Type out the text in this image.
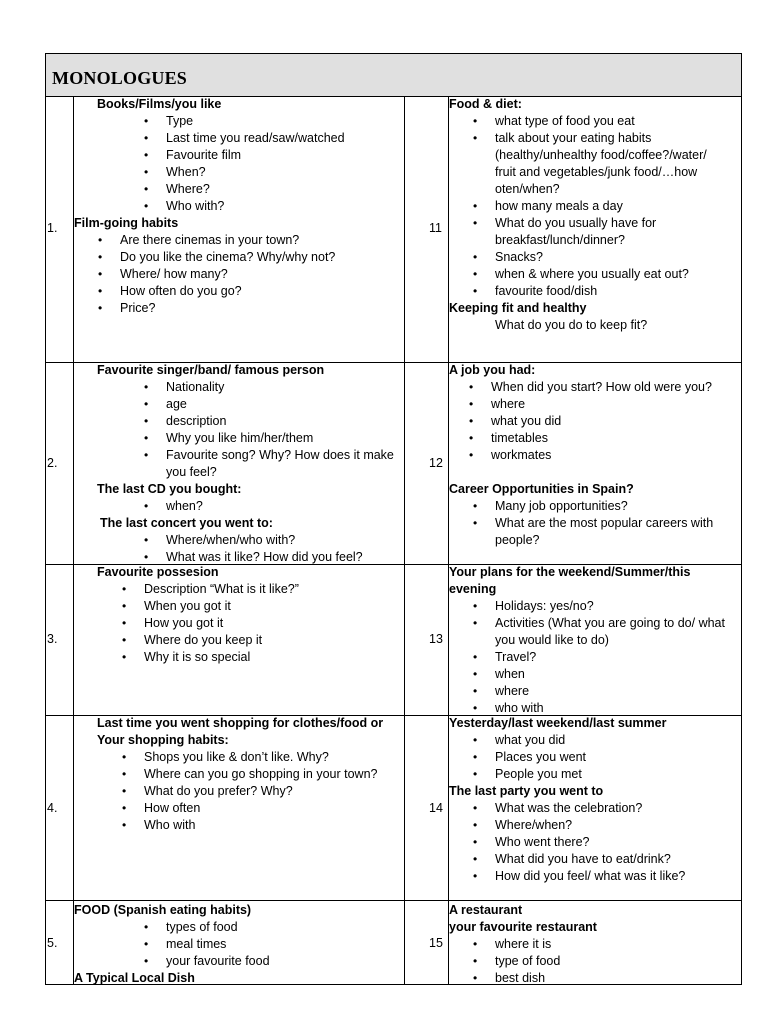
MONOLOGUES
1.
Books/Films/you like
• Type
• Last time you read/saw/watched
• Favourite film
• When?
• Where?
• Who with?
Film-going habits
• Are there cinemas in your town?
• Do you like the cinema? Why/why not?
• Where/ how many?
• How often do you go?
• Price?
11
Food & diet:
• what type of food you eat
• talk about your eating habits
(healthy/unhealthy food/coffee?/water/
fruit and vegetables/junk food/…how
oten/when?
• how many meals a day
• What do you usually have for
breakfast/lunch/dinner?
• Snacks?
• when & where you usually eat out?
• favourite food/dish
Keeping fit and healthy
What do you do to keep fit?
2.
Favourite singer/band/ famous person
• Nationality
• age
• description
• Why you like him/her/them
• Favourite song? Why? How does it make
you feel?
The last CD you bought:
• when?
The last concert you went to:
• Where/when/who with?
• What was it like? How did you feel?
12
A job you had:
• When did you start? How old were you?
• where
• what you did
• timetables
• workmates
Career Opportunities in Spain?
• Many job opportunities?
• What are the most popular careers with
people?
3.
Favourite possesion
• Description “What is it like?”
• When you got it
• How you got it
• Where do you keep it
• Why it is so special
13
Your plans for the weekend/Summer/this
evening
• Holidays: yes/no?
• Activities (What you are going to do/ what
you would like to do)
• Travel?
• when
• where
• who with
4.
Last time you went shopping for clothes/food or
Your shopping habits:
• Shops you like & don’t like. Why?
• Where can you go shopping in your town?
• What do you prefer? Why?
• How often
• Who with
14
Yesterday/last weekend/last summer
• what you did
• Places you went
• People you met
The last party you went to
• What was the celebration?
• Where/when?
• Who went there?
• What did you have to eat/drink?
• How did you feel/ what was it like?
5.
FOOD (Spanish eating habits)
• types of food
• meal times
• your favourite food
A Typical Local Dish
15
A restaurant
your favourite restaurant
• where it is
• type of food
• best dish
